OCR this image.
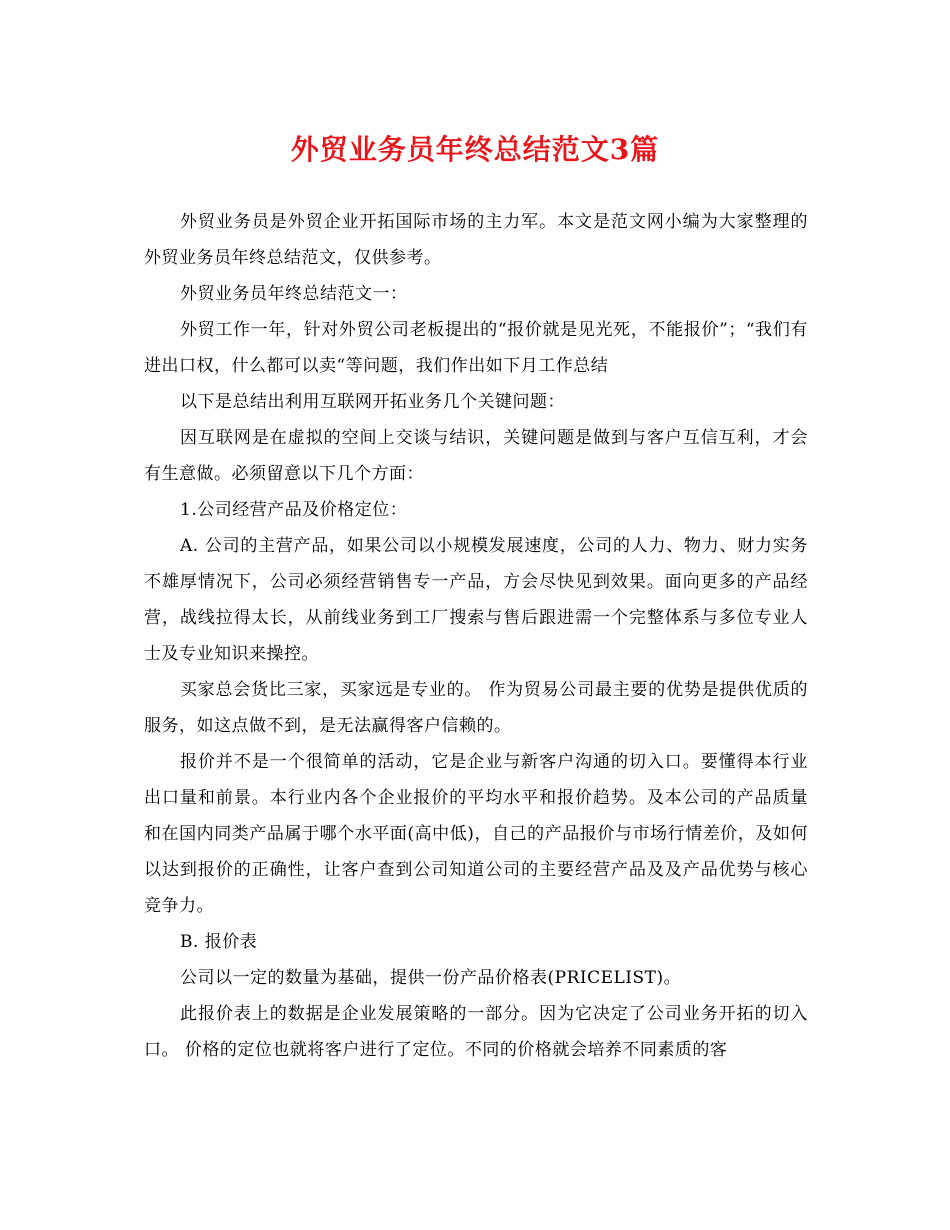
外贸业务员年终总结范文3篇

外贸业务员是外贸企业开拓国际市场的主力军。本文是范文网小编为大家整理的外贸业务员年终总结范文，仅供参考。

外贸业务员年终总结范文一：

外贸工作一年，针对外贸公司老板提出的“报价就是见光死，不能报价”；“我们有进出口权，什么都可以卖“等问题，我们作出如下月工作总结

以下是总结出利用互联网开拓业务几个关键问题：

因互联网是在虚拟的空间上交谈与结识，关键问题是做到与客户互信互利，才会有生意做。必须留意以下几个方面：

1.公司经营产品及价格定位：

A. 公司的主营产品，如果公司以小规模发展速度，公司的人力、物力、财力实务不雄厚情况下，公司必须经营销售专一产品，方会尽快见到效果。面向更多的产品经营，战线拉得太长，从前线业务到工厂搜索与售后跟进需一个完整体系与多位专业人士及专业知识来操控。

买家总会货比三家，买家远是专业的。 作为贸易公司最主要的优势是提供优质的服务，如这点做不到，是无法赢得客户信赖的。

报价并不是一个很简单的活动，它是企业与新客户沟通的切入口。要懂得本行业出口量和前景。本行业内各个企业报价的平均水平和报价趋势。及本公司的产品质量和在国内同类产品属于哪个水平面(高中低)，自己的产品报价与市场行情差价，及如何以达到报价的正确性，让客户查到公司知道公司的主要经营产品及及产品优势与核心竞争力。

B. 报价表

公司以一定的数量为基础，提供一份产品价格表(PRICELIST)。

此报价表上的数据是企业发展策略的一部分。因为它决定了公司业务开拓的切入口。 价格的定位也就将客户进行了定位。不同的价格就会培养不同素质的客
